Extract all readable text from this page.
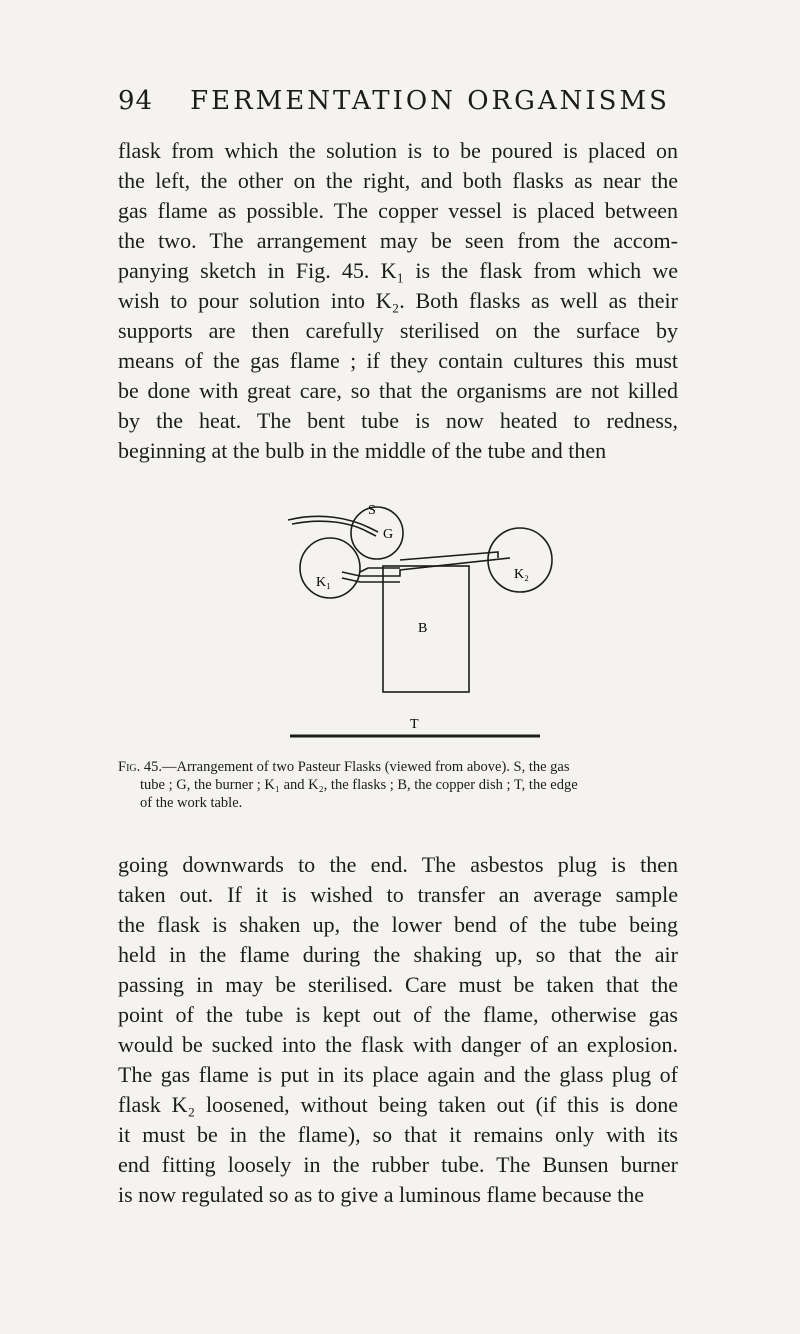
94	FERMENTATION ORGANISMS

flask from which the solution is to be poured is placed on
the left, the other on the right, and both flasks as near the
gas flame as possible. The copper vessel is placed between
the two. The arrangement may be seen from the accom-
panying sketch in Fig. 45. K₁ is the flask from which we
wish to pour solution into K₂. Both flasks as well as their
supports are then carefully sterilised on the surface by
means of the gas flame ; if they contain cultures this must
be done with great care, so that the organisms are not killed
by the heat. The bent tube is now heated to redness,
beginning at the bulb in the middle of the tube and then

S
G
K₁
K₂
B
T

Fig. 45.—Arrangement of two Pasteur Flasks (viewed from above). S, the gas
tube ; G, the burner ; K₁ and K₂, the flasks ; B, the copper dish ; T, the edge
of the work table.

going downwards to the end. The asbestos plug is then
taken out. If it is wished to transfer an average sample
the flask is shaken up, the lower bend of the tube being
held in the flame during the shaking up, so that the air
passing in may be sterilised. Care must be taken that the
point of the tube is kept out of the flame, otherwise gas
would be sucked into the flask with danger of an explosion.
The gas flame is put in its place again and the glass plug of
flask K₂ loosened, without being taken out (if this is done
it must be in the flame), so that it remains only with its
end fitting loosely in the rubber tube. The Bunsen burner
is now regulated so as to give a luminous flame because the
